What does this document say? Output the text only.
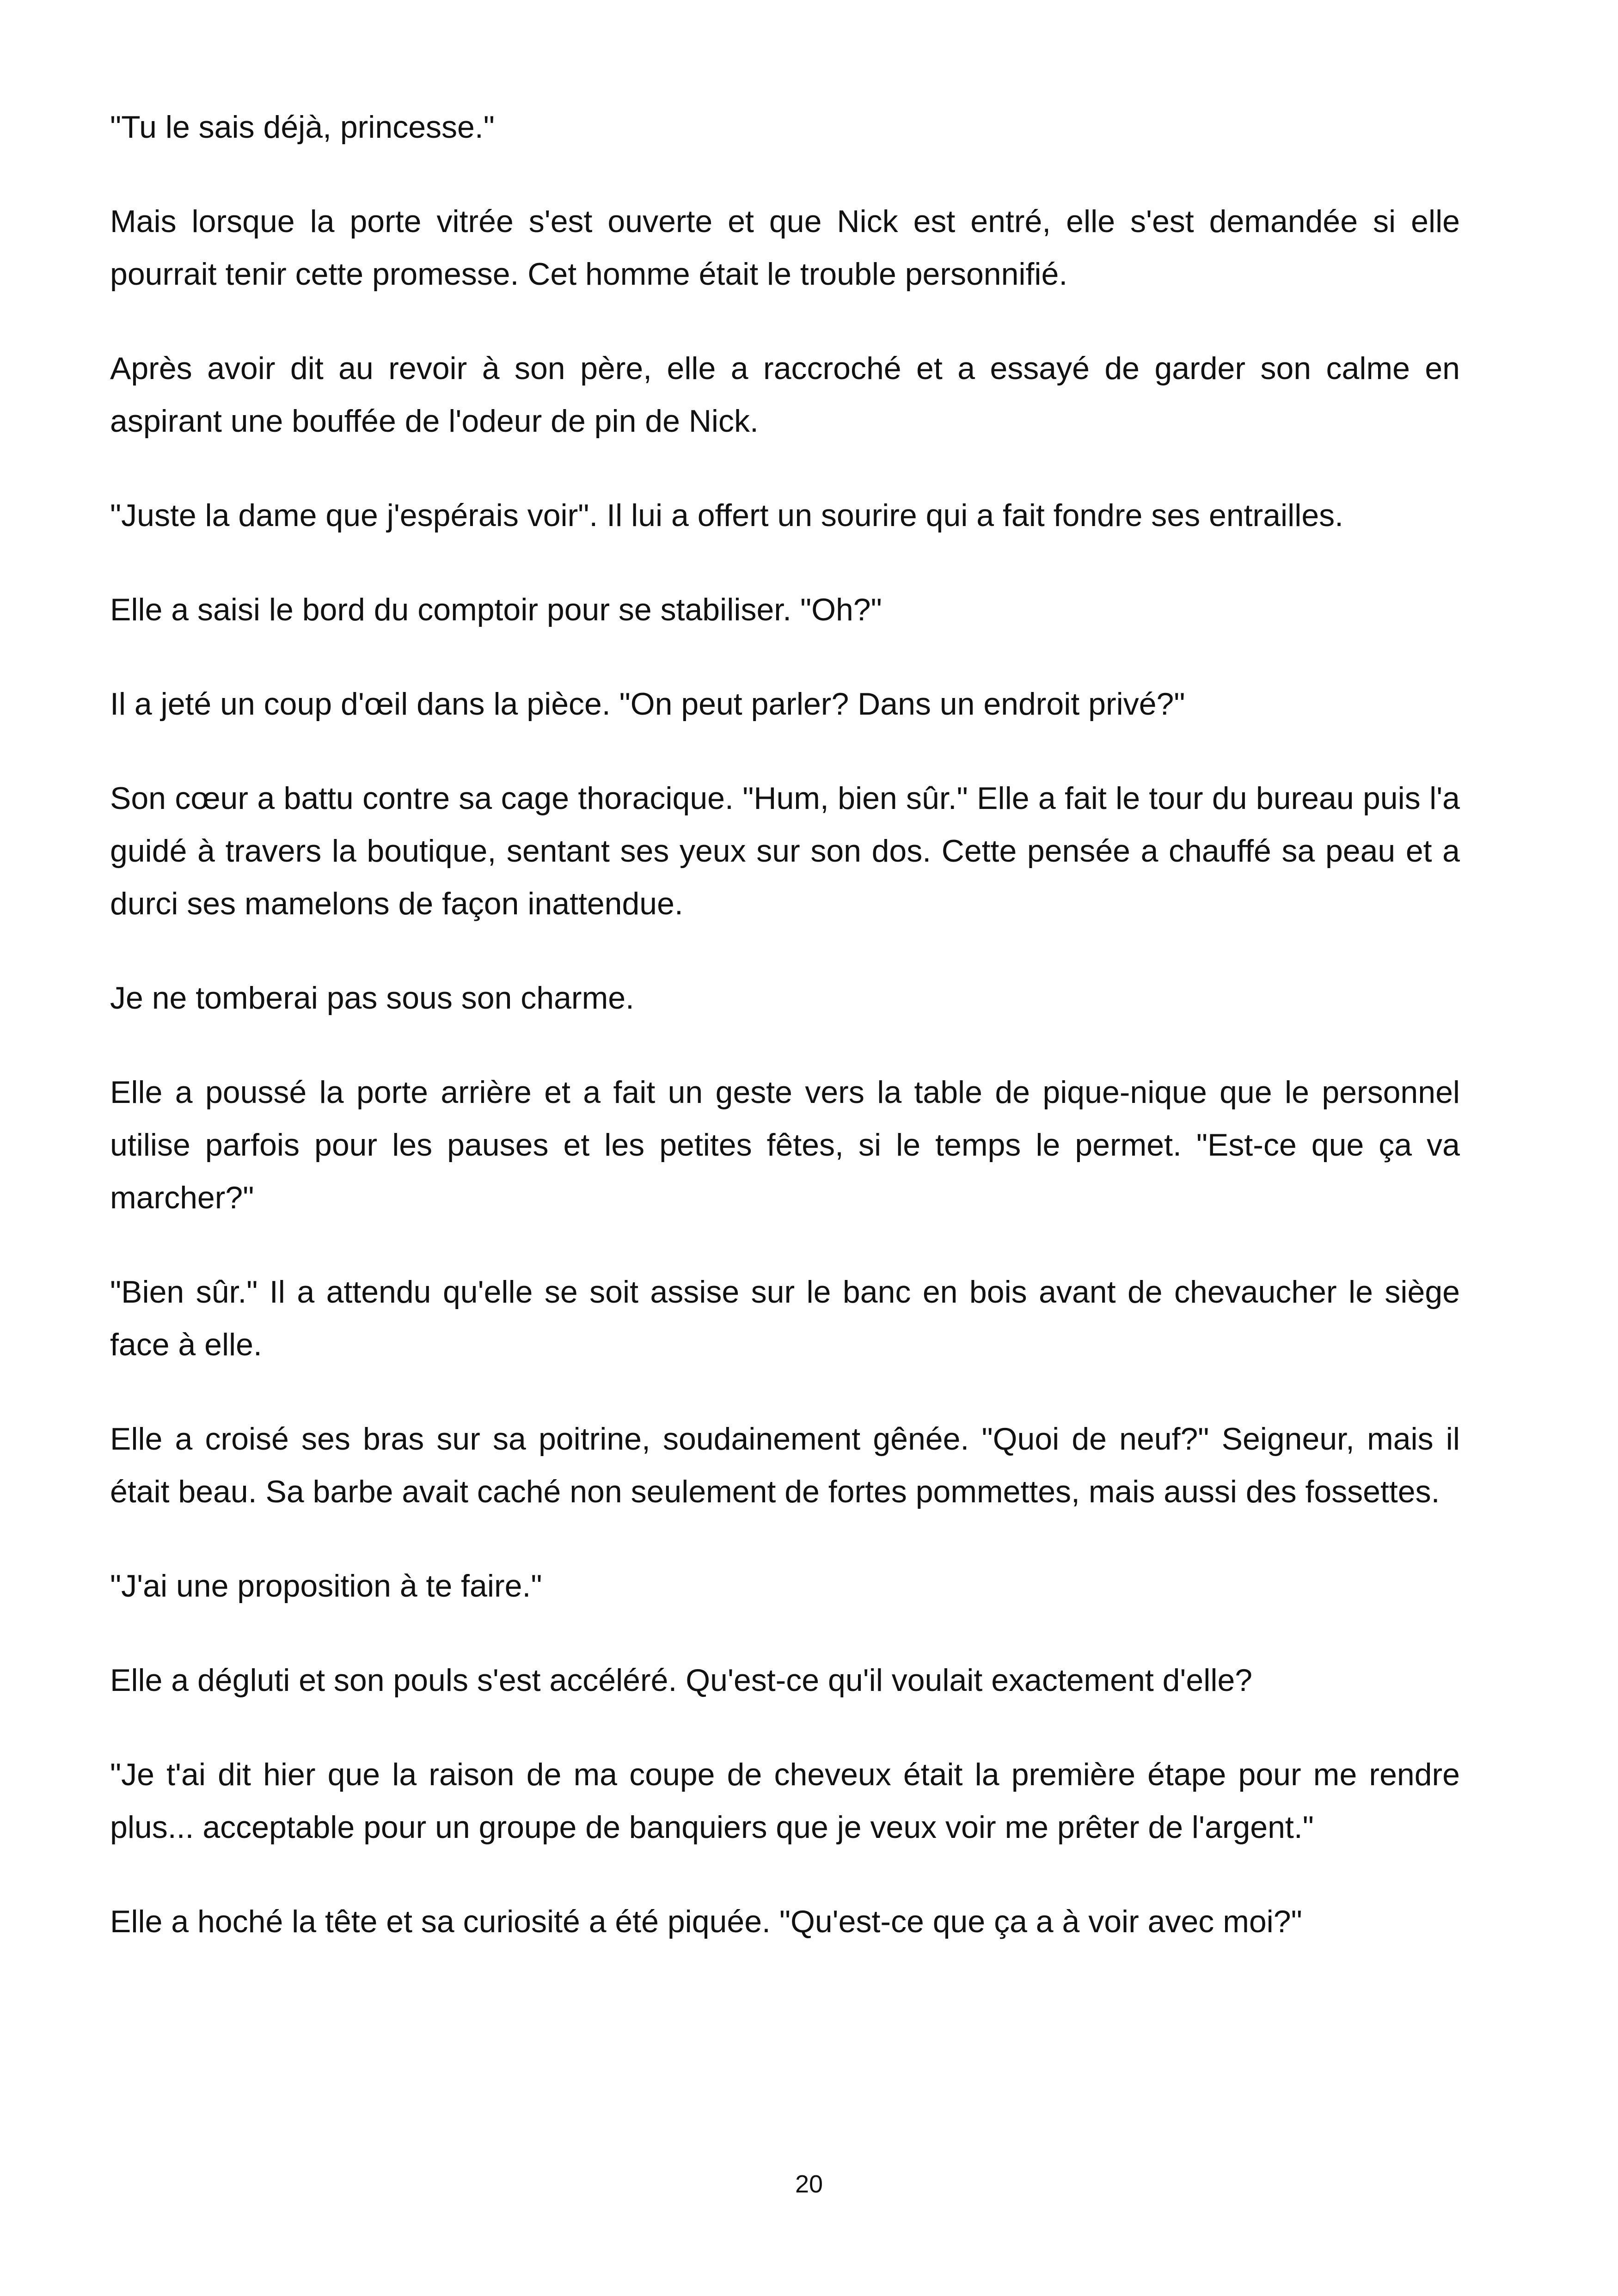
"Tu le sais déjà, princesse."

Mais lorsque la porte vitrée s'est ouverte et que Nick est entré, elle s'est demandée si elle pourrait tenir cette promesse. Cet homme était le trouble personnifié.

Après avoir dit au revoir à son père, elle a raccroché et a essayé de garder son calme en aspirant une bouffée de l'odeur de pin de Nick.

"Juste la dame que j'espérais voir". Il lui a offert un sourire qui a fait fondre ses entrailles.

Elle a saisi le bord du comptoir pour se stabiliser. "Oh?"

Il a jeté un coup d'œil dans la pièce. "On peut parler? Dans un endroit privé?"

Son cœur a battu contre sa cage thoracique. "Hum, bien sûr." Elle a fait le tour du bureau puis l'a guidé à travers la boutique, sentant ses yeux sur son dos. Cette pensée a chauffé sa peau et a durci ses mamelons de façon inattendue.

Je ne tomberai pas sous son charme.

Elle a poussé la porte arrière et a fait un geste vers la table de pique-nique que le personnel utilise parfois pour les pauses et les petites fêtes, si le temps le permet. "Est-ce que ça va marcher?"

"Bien sûr." Il a attendu qu'elle se soit assise sur le banc en bois avant de chevaucher le siège face à elle.

Elle a croisé ses bras sur sa poitrine, soudainement gênée. "Quoi de neuf?" Seigneur, mais il était beau. Sa barbe avait caché non seulement de fortes pommettes, mais aussi des fossettes.

"J'ai une proposition à te faire."

Elle a dégluti et son pouls s'est accéléré. Qu'est-ce qu'il voulait exactement d'elle?

"Je t'ai dit hier que la raison de ma coupe de cheveux était la première étape pour me rendre plus... acceptable pour un groupe de banquiers que je veux voir me prêter de l'argent."

Elle a hoché la tête et sa curiosité a été piquée. "Qu'est-ce que ça a à voir avec moi?"

20
